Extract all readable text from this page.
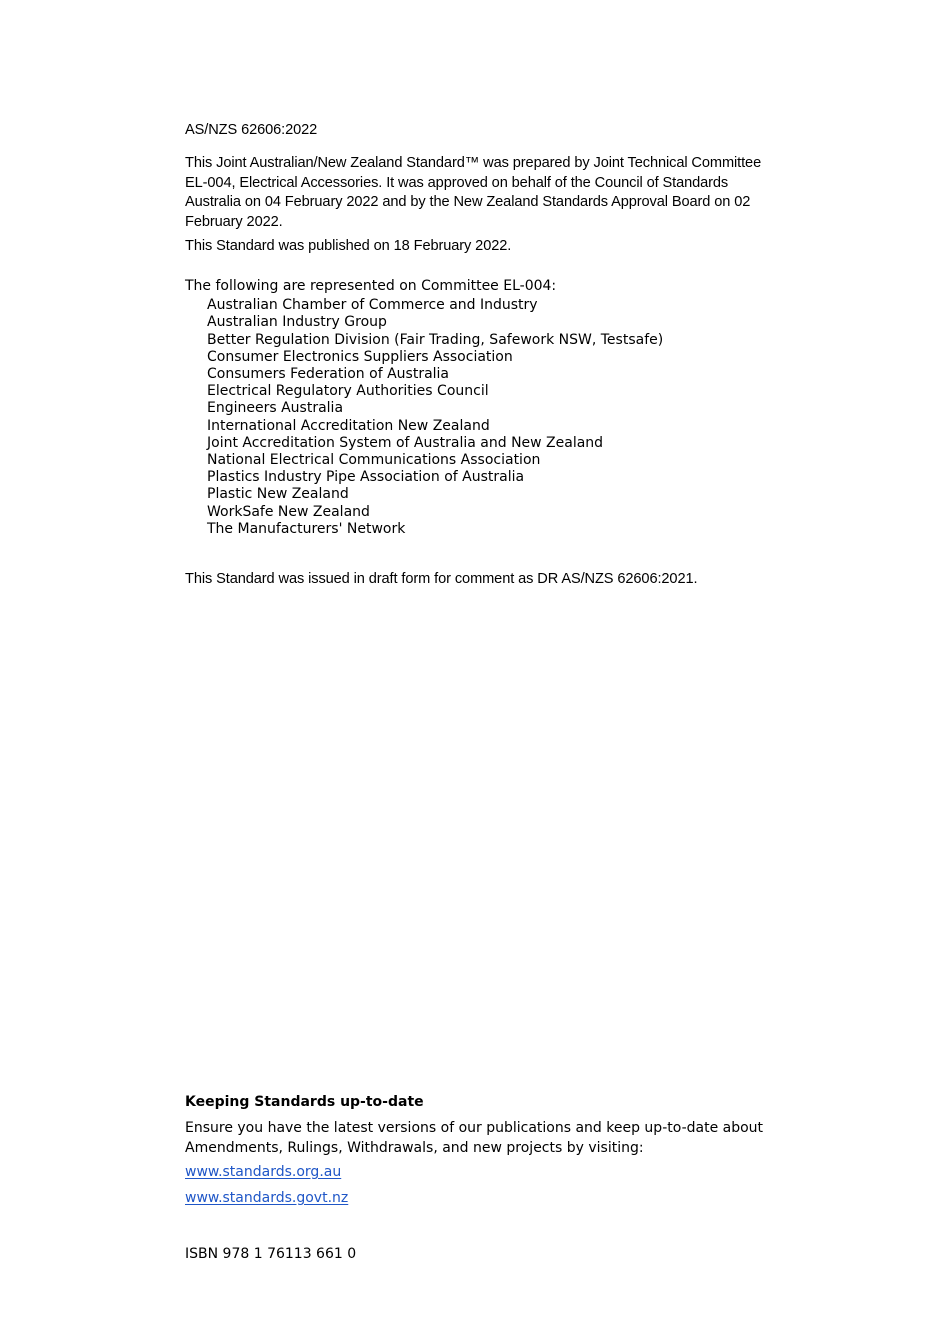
AS/NZS 62606:2022
This Joint Australian/New Zealand Standard™ was prepared by Joint Technical Committee EL-004, Electrical Accessories. It was approved on behalf of the Council of Standards Australia on 04 February 2022 and by the New Zealand Standards Approval Board on 02 February 2022.
This Standard was published on 18 February 2022.
The following are represented on Committee EL-004:
Australian Chamber of Commerce and Industry
Australian Industry Group
Better Regulation Division (Fair Trading, Safework NSW, Testsafe)
Consumer Electronics Suppliers Association
Consumers Federation of Australia
Electrical Regulatory Authorities Council
Engineers Australia
International Accreditation New Zealand
Joint Accreditation System of Australia and New Zealand
National Electrical Communications Association
Plastics Industry Pipe Association of Australia
Plastic New Zealand
WorkSafe New Zealand
The Manufacturers' Network
This Standard was issued in draft form for comment as DR AS/NZS 62606:2021.
Keeping Standards up-to-date
Ensure you have the latest versions of our publications and keep up-to-date about Amendments, Rulings, Withdrawals, and new projects by visiting:
www.standards.org.au
www.standards.govt.nz
ISBN 978 1 76113 661 0
